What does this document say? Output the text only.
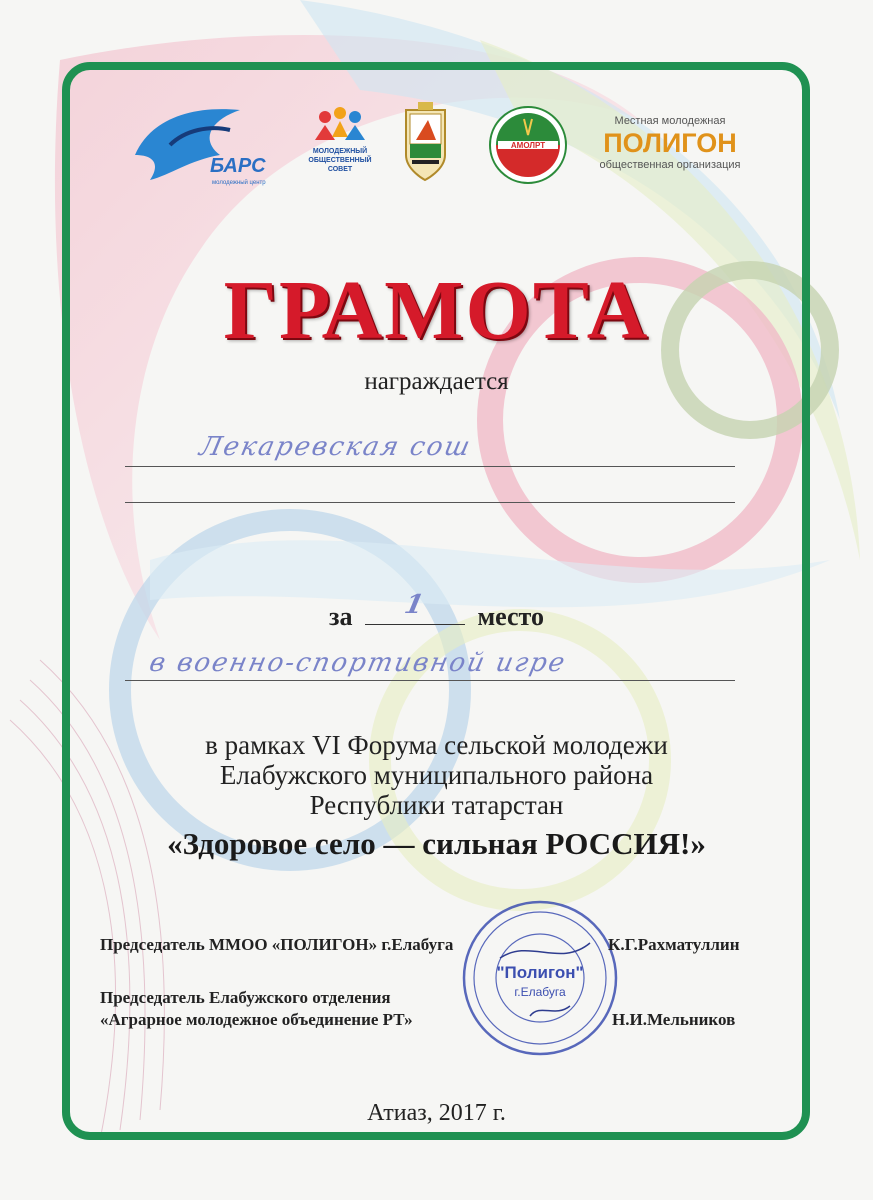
БАРС
молодежный центр
МОЛОДЕЖНЫЙ
ОБЩЕСТВЕННЫЙ
СОВЕТ
АМОЛРТ
Местная молодежная
ПОЛИГОН
общественная организация
ГРАМОТА
награждается
Лекаревская сош
за 1 место
в военно-спортивной игре
в рамках VI Форума сельской молодежи
Елабужского муниципального района
Республики татарстан
«Здоровое село — сильная РОССИЯ!»
"Полигон"
г.Елабуга
Председатель ММОО «ПОЛИГОН» г.Елабуга	К.Г.Рахматуллин
Председатель Елабужского отделения
«Аграрное молодежное объединение РТ»	Н.И.Мельников
Атиаз, 2017 г.
